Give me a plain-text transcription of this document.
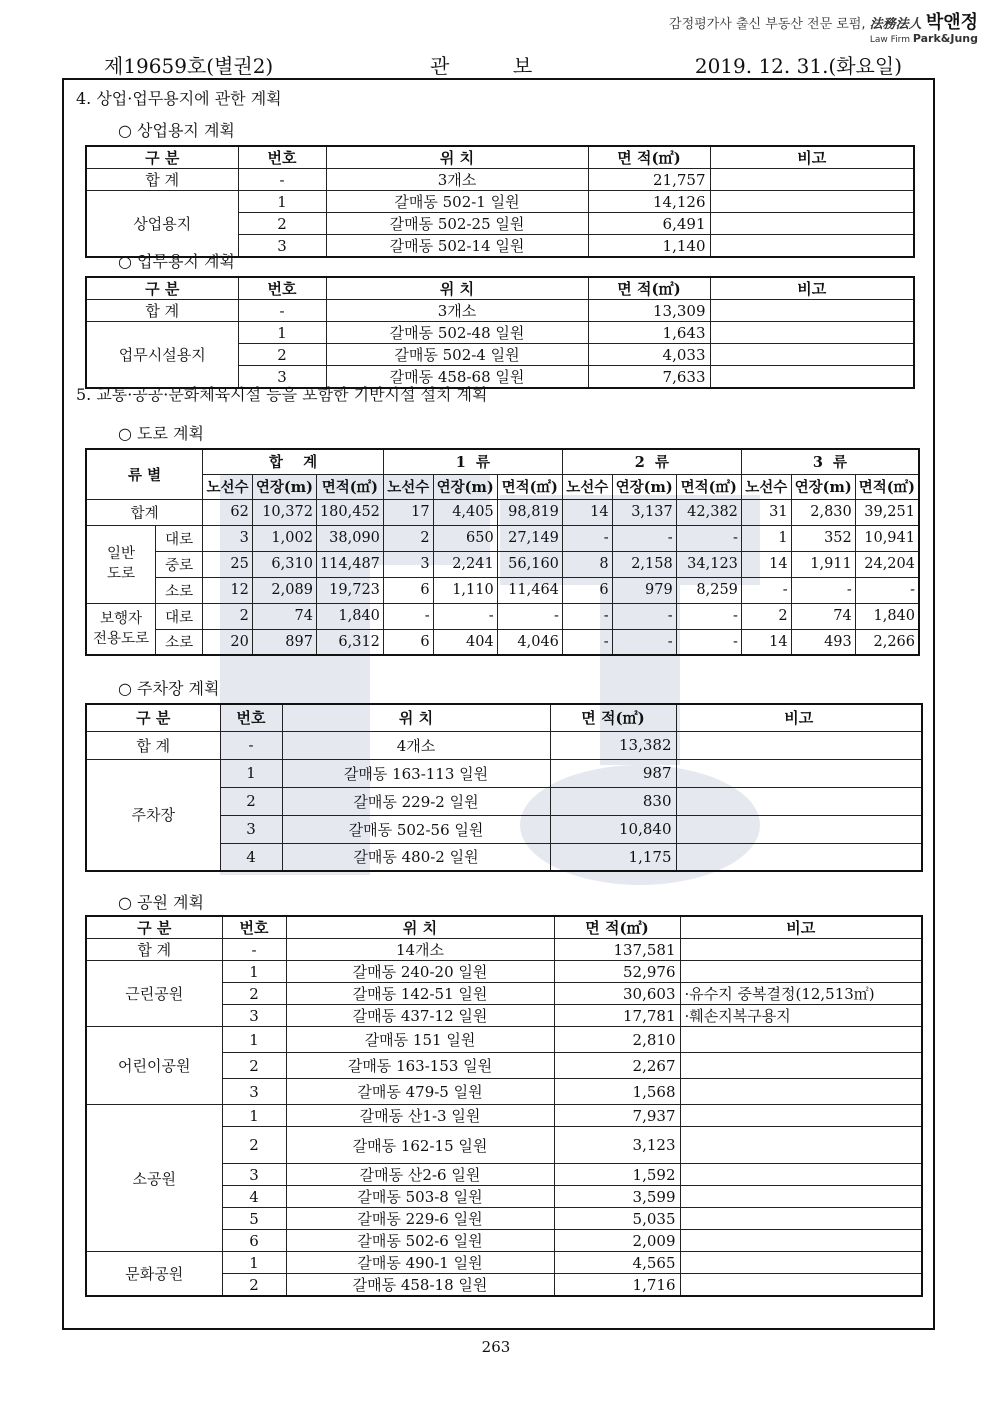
감정평가사 출신 부동산 전문 로펌, 法務法人 박앤정
Law Firm Park&Jung
제19659호(별권2)	관          보	2019. 12. 31.(화요일)
4. 상업·업무용지에 관한 계획
○ 상업용지 계획
구 분	번호	위 치	면 적(㎡)	비고
합 계	-	3개소	21,757	
상업용지	1	갈매동 502-1 일원	14,126	
	2	갈매동 502-25 일원	6,491	
	3	갈매동 502-14 일원	1,140	
○ 업무용지 계획
구 분	번호	위 치	면 적(㎡)	비고
합 계	-	3개소	13,309	
업무시설용지	1	갈매동 502-48 일원	1,643	
	2	갈매동 502-4 일원	4,033	
	3	갈매동 458-68 일원	7,633	
5. 교통·공공·문화체육시설 등을 포함한 기반시설 설치 계획
○ 도로 계획
류 별		합    계			1  류			2  류			3  류		
		노선수	연장(m)	면적(㎡)	노선수	연장(m)	면적(㎡)	노선수	연장(m)	면적(㎡)	노선수	연장(m)	면적(㎡)
합계		62	10,372	180,452	17	4,405	98,819	14	3,137	42,382	31	2,830	39,251
일반
도로	대로	3	1,002	38,090	2	650	27,149	-	-	-	1	352	10,941
	중로	25	6,310	114,487	3	2,241	56,160	8	2,158	34,123	14	1,911	24,204
	소로	12	2,089	19,723	6	1,110	11,464	6	979	8,259	-	-	-
보행자
전용도로	대로	2	74	1,840	-	-	-	-	-	-	2	74	1,840
	소로	20	897	6,312	6	404	4,046	-	-	-	14	493	2,266
○ 주차장 계획
구 분	번호	위 치	면 적(㎡)	비고
합 계	-	4개소	13,382	
주차장	1	갈매동 163-113 일원	987	
	2	갈매동 229-2 일원	830	
	3	갈매동 502-56 일원	10,840	
	4	갈매동 480-2 일원	1,175	
○ 공원 계획
구 분	번호	위 치	면 적(㎡)	비고
합 계	-	14개소	137,581	
근린공원	1	갈매동 240-20 일원	52,976	
	2	갈매동 142-51 일원	30,603	·유수지 중복결정(12,513㎡)
	3	갈매동 437-12 일원	17,781	·훼손지복구용지
어린이공원	1	갈매동 151 일원	2,810	
	2	갈매동 163-153 일원	2,267	
	3	갈매동 479-5 일원	1,568	
소공원	1	갈매동 산1-3 일원	7,937	
	2	갈매동 162-15 일원	3,123	
	3	갈매동 산2-6 일원	1,592	
	4	갈매동 503-8 일원	3,599	
	5	갈매동 229-6 일원	5,035	
	6	갈매동 502-6 일원	2,009	
문화공원	1	갈매동 490-1 일원	4,565	
	2	갈매동 458-18 일원	1,716	
263
